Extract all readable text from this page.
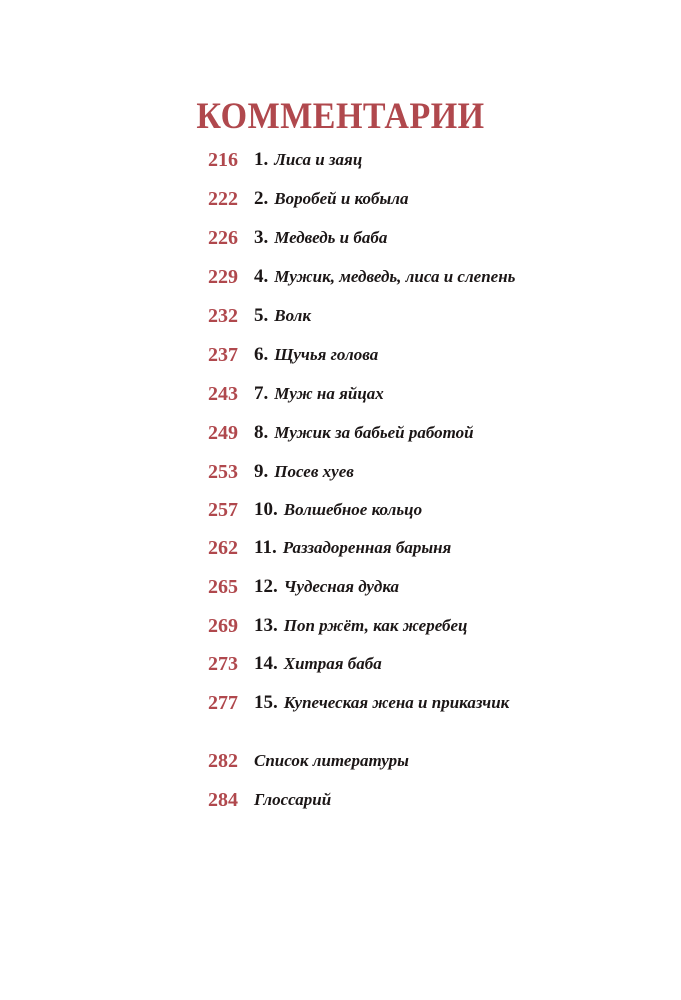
КОММЕНТАРИИ
216 1. Лиса и заяц
222 2. Воробей и кобыла
226 3. Медведь и баба
229 4. Мужик, медведь, лиса и слепень
232 5. Волк
237 6. Щучья голова
243 7. Муж на яйцах
249 8. Мужик за бабьей работой
253 9. Посев хуев
257 10. Волшебное кольцо
262 11. Раззадоренная барыня
265 12. Чудесная дудка
269 13. Поп ржёт, как жеребец
273 14. Хитрая баба
277 15. Купеческая жена и приказчик
282 Список литературы
284 Глоссарий
